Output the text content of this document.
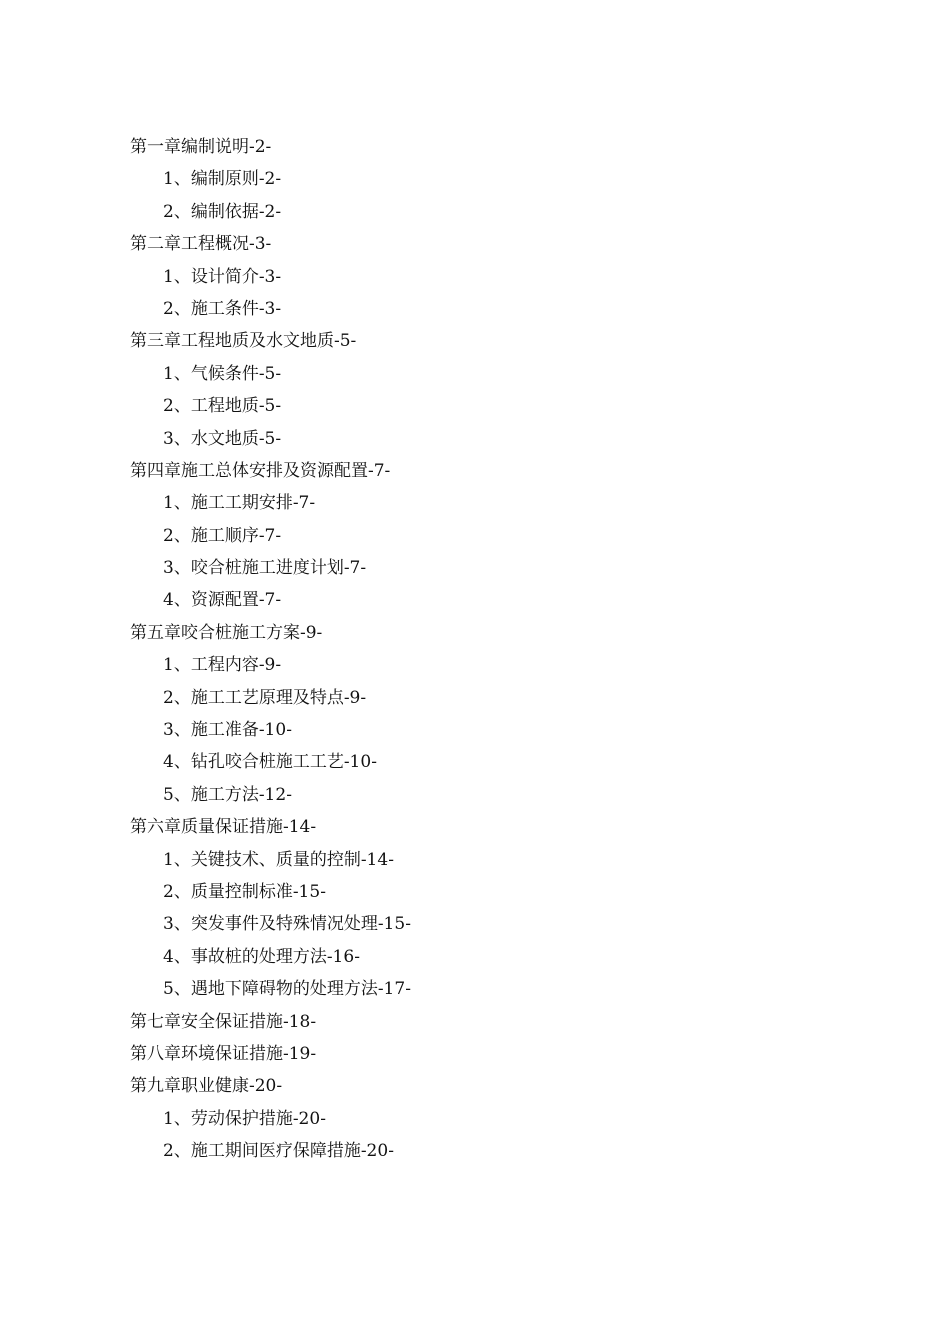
第一章编制说明-2-
1、编制原则-2-
2、编制依据-2-
第二章工程概况-3-
1、设计简介-3-
2、施工条件-3-
第三章工程地质及水文地质-5-
1、气候条件-5-
2、工程地质-5-
3、水文地质-5-
第四章施工总体安排及资源配置-7-
1、施工工期安排-7-
2、施工顺序-7-
3、咬合桩施工进度计划-7-
4、资源配置-7-
第五章咬合桩施工方案-9-
1、工程内容-9-
2、施工工艺原理及特点-9-
3、施工准备-10-
4、钻孔咬合桩施工工艺-10-
5、施工方法-12-
第六章质量保证措施-14-
1、关键技术、质量的控制-14-
2、质量控制标准-15-
3、突发事件及特殊情况处理-15-
4、事故桩的处理方法-16-
5、遇地下障碍物的处理方法-17-
第七章安全保证措施-18-
第八章环境保证措施-19-
第九章职业健康-20-
1、劳动保护措施-20-
2、施工期间医疗保障措施-20-
